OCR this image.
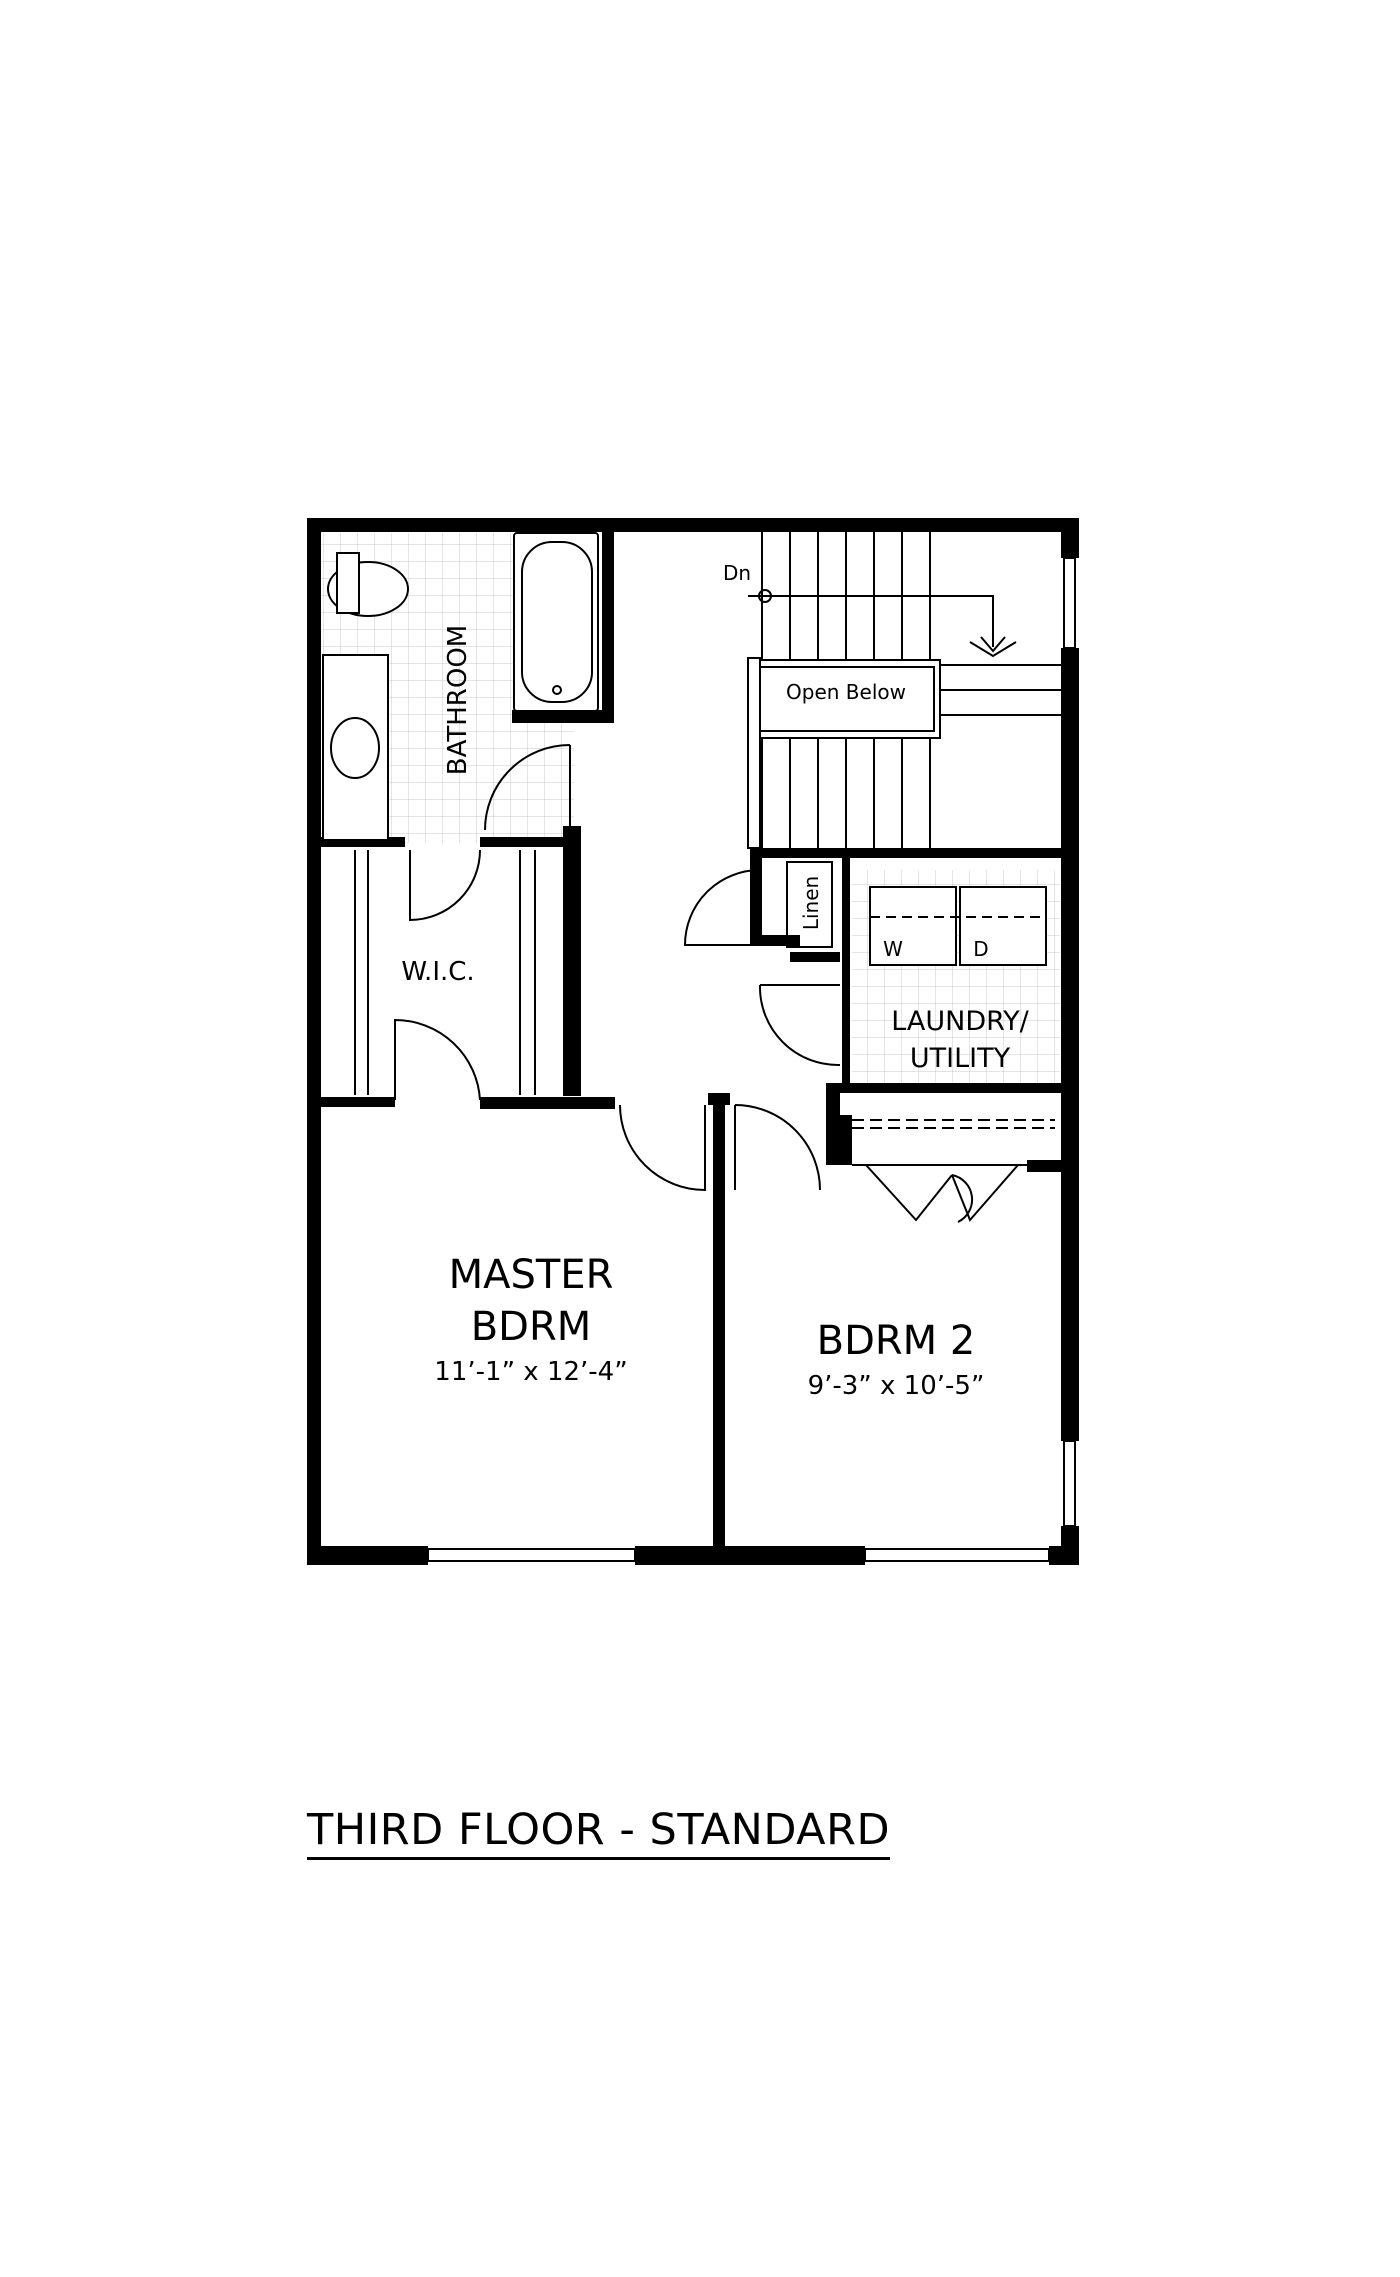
BATHROOM
W.I.C.
MASTER
BDRM
11’-1” x 12’-4”
BDRM 2
9’-3” x 10’-5”
LAUNDRY/
UTILITY
Linen
Open Below
Dn
W	D
THIRD FLOOR - STANDARD
